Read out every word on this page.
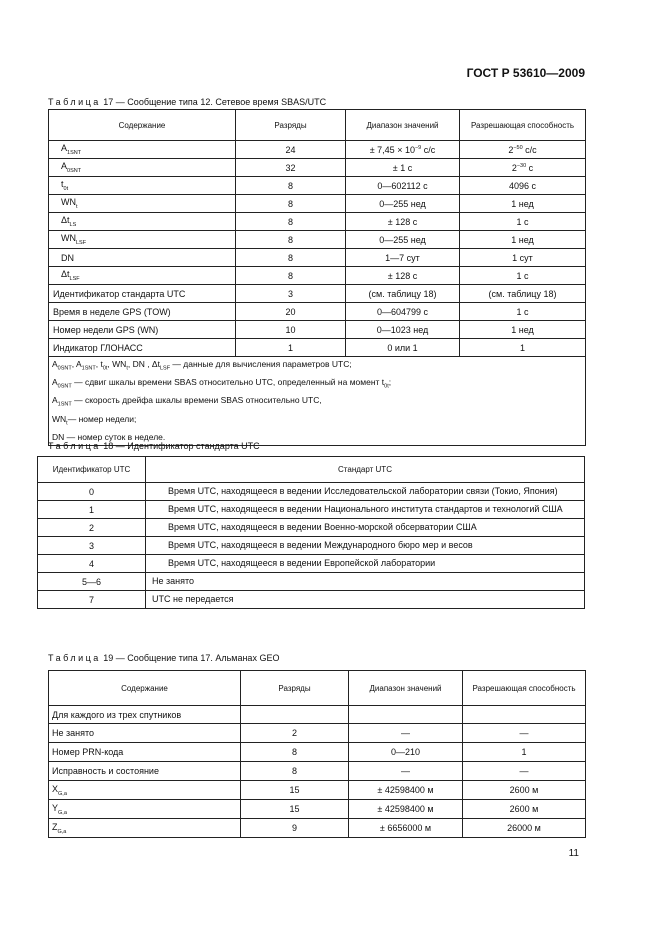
ГОСТ Р 53610—2009
Таблица 17 — Сообщение типа 12. Сетевое время SBAS/UTC
Содержание	Разряды	Диапазон значений	Разрешающая способность
$A_{1SNT}$	24	± $7,45 \times 10^{-9}$ с/с	$2^{-50}$ с/с
$A_{0SNT}$	32	± 1 с	$2^{-30}$ с
$t_{0t}$	8	0—602112 с	4096 с
$WN_t$	8	0—255 нед	1 нед
$\Delta t_{LS}$	8	± 128 с	1 с
$WN_{LSF}$	8	0—255 нед	1 нед
DN	8	1—7 сут	1 сут
$\Delta t_{LSF}$	8	± 128 с	1 с
Идентификатор стандарта UTC	3	(см. таблицу 18)	(см. таблицу 18)
Время в неделе GPS (TOW)	20	0—604799 с	1 с
Номер недели GPS (WN)	10	0—1023 нед	1 нед
Индикатор ГЛОНАСС	1	0 или 1	1

$A_{0SNT}$, $A_{1SNT}$, $t_{0t}$, $WN_t$, DN , $\Delta t_{LSF}$ — данные для вычисления параметров UTC;
$A_{0SNT}$ — сдвиг шкалы времени SBAS относительно UTC, определенный на момент $t_{0t}$;
$A_{1SNT}$ — скорость дрейфа шкалы времени SBAS относительно UTC,
$WN_t—$ номер недели;
DN — номер суток в неделе.			
Таблица 18 — Идентификатор стандарта UTC
Идентификатор UTC	Стандарт UTC
0	Время UTC, находящееся в ведении Исследовательской лаборатории связи (Токио, Япония)
1	Время UTC, находящееся в ведении Национального института стандартов и технологий США
2	Время UTC, находящееся в ведении Военно-морской обсерватории США
3	Время UTC, находящееся в ведении Международного бюро мер и весов
4	Время UTC, находящееся в ведении Европейской лаборатории
5—6	Не занято
7	UTC не передается
Таблица 19 — Сообщение типа 17. Альманах GEO
Содержание	Разряды	Диапазон значений	Разрешающая способность
Для каждого из трех спутников			
Не занято	2	—	—
Номер PRN-кода	8	0—210	1
Исправность и состояние	8	—	—
$X_{G,a}$	15	± 42598400 м	2600 м
$Y_{G,a}$	15	± 42598400 м	2600 м
$Z_{G,a}$	9	± 6656000 м	26000 м
11
